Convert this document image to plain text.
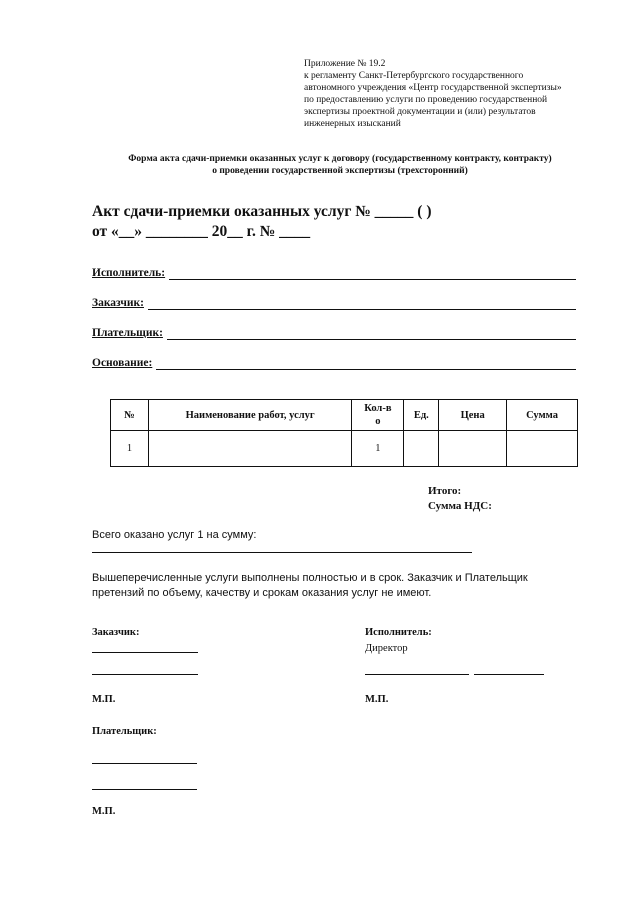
Приложение № 19.2
к регламенту Санкт-Петербургского государственного
автономного учреждения «Центр государственной экспертизы»
по предоставлению услуги по проведению государственной
экспертизы проектной документации и (или) результатов
инженерных изысканий
Форма акта сдачи-приемки оказанных услуг к договору (государственному контракту, контракту)
о проведении государственной экспертизы (трехсторонний)
Акт сдачи-приемки оказанных услуг № _____ ( )
от «__» ________ 20__ г. № ____
Исполнитель:
Заказчик:
Плательщик:
Основание:
№	Наименование работ, услуг	Кол-во	Ед.	Цена	Сумма
1		1			
Итого:
Сумма НДС:
Всего оказано услуг 1 на сумму:
Вышеперечисленные услуги выполнены полностью и в срок. Заказчик и Плательщик претензий по объему, качеству и срокам оказания услуг не имеют.
Заказчик:
М.П.
Исполнитель:
Директор
М.П.
Плательщик:
М.П.
